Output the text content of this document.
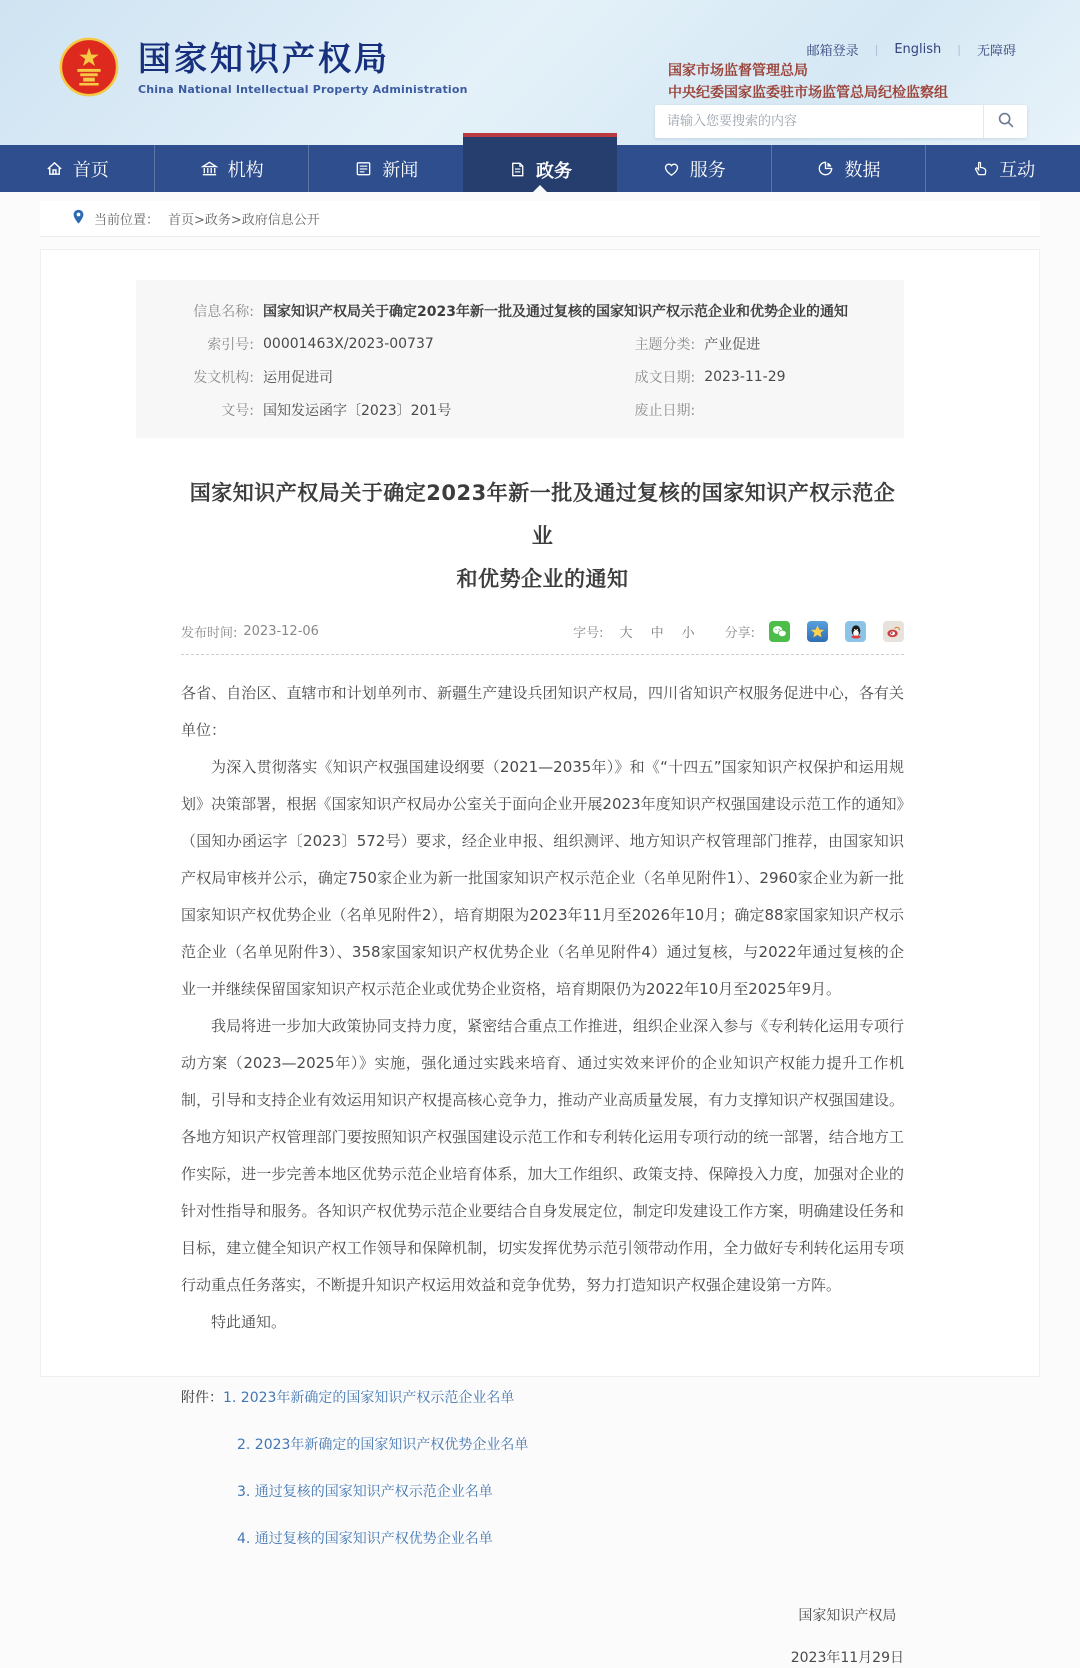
国家知识产权局
China National Intellectual Property Administration
邮箱登录	|	English	|	无障碍
国家市场监督管理总局
中央纪委国家监委驻市场监管总局纪检监察组
请输入您要搜索的内容
首页	机构	新闻	政务	服务	数据	互动
当前位置： 首页>政务>政府信息公开
信息名称: 国家知识产权局关于确定2023年新一批及通过复核的国家知识产权示范企业和优势企业的通知
索引号: 00001463X/2023-00737	主题分类: 产业促进
发文机构: 运用促进司	成文日期: 2023-11-29
文号: 国知发运函字〔2023〕201号	废止日期:
国家知识产权局关于确定2023年新一批及通过复核的国家知识产权示范企业
和优势企业的通知
发布时间: 2023-12-06	字号: 大 中 小 分享:

各省、自治区、直辖市和计划单列市、新疆生产建设兵团知识产权局，四川省知识产权服务促进中心，各有关单位：

为深入贯彻落实《知识产权强国建设纲要（2021—2035年）》和《“十四五”国家知识产权保护和运用规划》决策部署，根据《国家知识产权局办公室关于面向企业开展2023年度知识产权强国建设示范工作的通知》（国知办函运字〔2023〕572号）要求，经企业申报、组织测评、地方知识产权管理部门推荐，由国家知识产权局审核并公示，确定750家企业为新一批国家知识产权示范企业（名单见附件1）、2960家企业为新一批国家知识产权优势企业（名单见附件2），培育期限为2023年11月至2026年10月；确定88家国家知识产权示范企业（名单见附件3）、358家国家知识产权优势企业（名单见附件4）通过复核，与2022年通过复核的企业一并继续保留国家知识产权示范企业或优势企业资格，培育期限仍为2022年10月至2025年9月。

我局将进一步加大政策协同支持力度，紧密结合重点工作推进，组织企业深入参与《专利转化运用专项行动方案（2023—2025年）》实施，强化通过实践来培育、通过实效来评价的企业知识产权能力提升工作机制，引导和支持企业有效运用知识产权提高核心竞争力，推动产业高质量发展，有力支撑知识产权强国建设。各地方知识产权管理部门要按照知识产权强国建设示范工作和专利转化运用专项行动的统一部署，结合地方工作实际，进一步完善本地区优势示范企业培育体系，加大工作组织、政策支持、保障投入力度，加强对企业的针对性指导和服务。各知识产权优势示范企业要结合自身发展定位，制定印发建设工作方案，明确建设任务和目标，建立健全知识产权工作领导和保障机制，切实发挥优势示范引领带动作用，全力做好专利转化运用专项行动重点任务落实，不断提升知识产权运用效益和竞争优势，努力打造知识产权强企建设第一方阵。

特此通知。

附件： 1. 2023年新确定的国家知识产权示范企业名单
2. 2023年新确定的国家知识产权优势企业名单
3. 通过复核的国家知识产权示范企业名单
4. 通过复核的国家知识产权优势企业名单
国家知识产权局
2023年11月29日
